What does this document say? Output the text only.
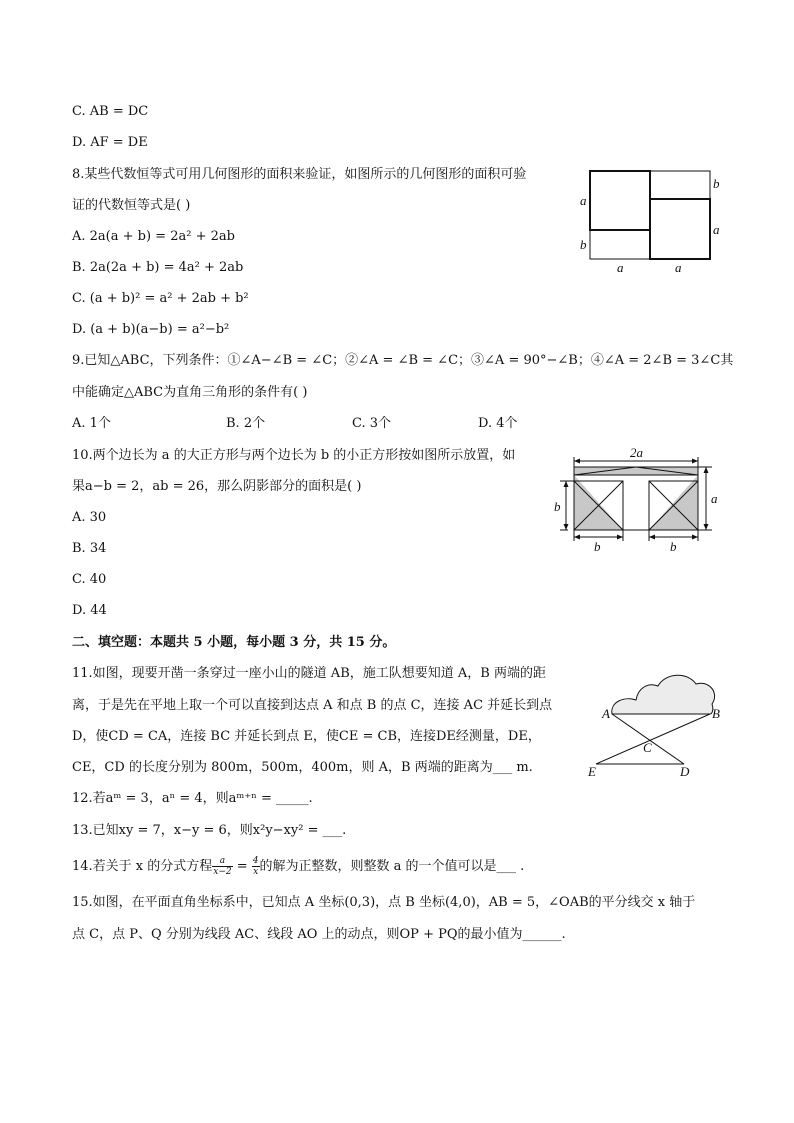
C. AB = DC
D. AF = DE
8.某些代数恒等式可用几何图形的面积来验证，如图所示的几何图形的面积可验
证的代数恒等式是( )
A. 2a(a + b) = 2a² + 2ab
B. 2a(2a + b) = 4a² + 2ab
C. (a + b)² = a² + 2ab + b²
D. (a + b)(a−b) = a²−b²
a
b
b
a
a	a
9.已知△ABC，下列条件：①∠A−∠B = ∠C；②∠A = ∠B = ∠C；③∠A = 90°−∠B；④∠A = 2∠B = 3∠C其
中能确定△ABC为直角三角形的条件有( )
A. 1个	B. 2个	C. 3个	D. 4个
10.两个边长为 a 的大正方形与两个边长为 b 的小正方形按如图所示放置，如
果a−b = 2，ab = 26，那么阴影部分的面积是( )
A. 30
B. 34
C. 40
D. 44
2a
b
a
b	b
二、填空题：本题共 5 小题，每小题 3 分，共 15 分。
11.如图，现要开凿一条穿过一座小山的隧道 AB，施工队想要知道 A，B 两端的距
离，于是先在平地上取一个可以直接到达点 A 和点 B 的点 C，连接 AC 并延长到点
D，使CD = CA，连接 BC 并延长到点 E，使CE = CB，连接DE经测量，DE，
CE，CD 的长度分别为 800m，500m，400m，则 A，B 两端的距离为___ m.
A	B
C
E	D
12.若aᵐ = 3，aⁿ = 4，则aᵐ⁺ⁿ = _____.
13.已知xy = 7，x−y = 6，则x²y−xy² = ___.
14.若关于 x 的分式方程 $\frac{a}{x-2} = \frac{4}{x}$ 的解为正整数，则整数 a 的一个值可以是___ .
15.如图，在平面直角坐标系中，已知点 A 坐标(0,3)，点 B 坐标(4,0)，AB = 5，∠OAB的平分线交 x 轴于
点 C，点 P、Q 分别为线段 AC、线段 AO 上的动点，则OP + PQ的最小值为______.
